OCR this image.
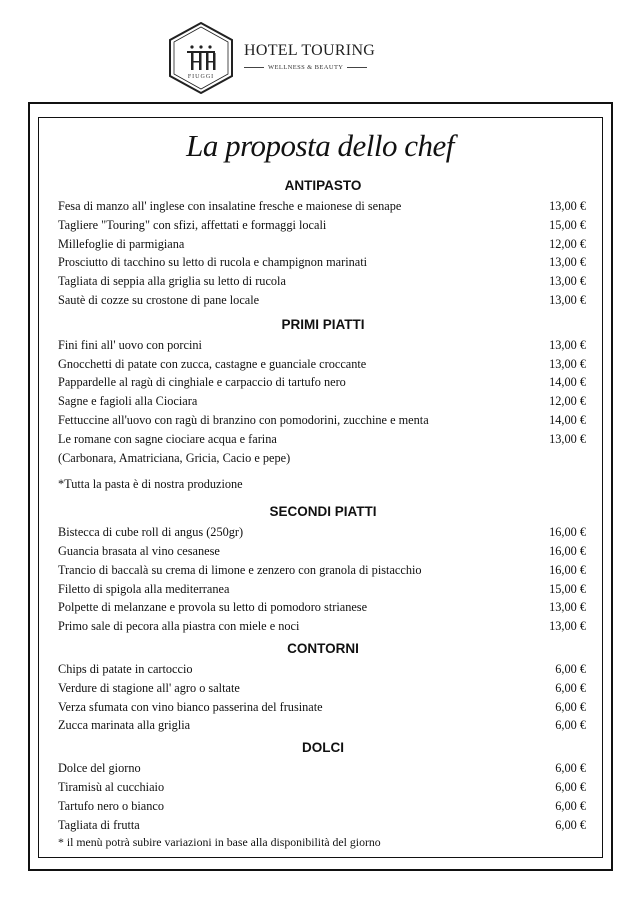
FIUGGI
HOTEL TOURING
WELLNESS & BEAUTY
La proposta dello chef
ANTIPASTO
Fesa di manzo all' inglese con insalatine fresche e maionese di senape	13,00 €
Tagliere "Touring" con sfizi, affettati e formaggi locali	15,00 €
Millefoglie di parmigiana	12,00 €
Prosciutto di tacchino su letto di rucola e champignon marinati	13,00 €
Tagliata di seppia alla griglia su letto di rucola	13,00 €
Sautè di cozze su crostone di pane locale	13,00 €
PRIMI PIATTI
Fini fini all' uovo con porcini	13,00 €
Gnocchetti di patate con zucca, castagne e guanciale croccante	13,00 €
Pappardelle al ragù di cinghiale e carpaccio di tartufo nero	14,00 €
Sagne e fagioli alla Ciociara	12,00 €
Fettuccine all'uovo con ragù di branzino con pomodorini, zucchine e menta	14,00 €
Le romane con sagne ciociare acqua e farina	13,00 €
(Carbonara, Amatriciana, Gricia, Cacio e pepe)
*Tutta la pasta è di nostra produzione
SECONDI PIATTI
Bistecca di cube roll di angus (250gr)	16,00 €
Guancia brasata al vino cesanese	16,00 €
Trancio di baccalà su crema di limone e zenzero con granola di pistacchio	16,00 €
Filetto di spigola alla mediterranea	15,00 €
Polpette di melanzane e provola su letto di pomodoro strianese	13,00 €
Primo sale di pecora alla piastra con miele e noci	13,00 €
CONTORNI
Chips di patate in cartoccio	6,00 €
Verdure di stagione all' agro o saltate	6,00 €
Verza sfumata con vino bianco passerina del frusinate	6,00 €
Zucca marinata alla griglia	6,00 €
DOLCI
Dolce del giorno	6,00 €
Tiramisù al cucchiaio	6,00 €
Tartufo nero o bianco	6,00 €
Tagliata di frutta	6,00 €
* il menù potrà subire variazioni in base alla disponibilità del giorno
